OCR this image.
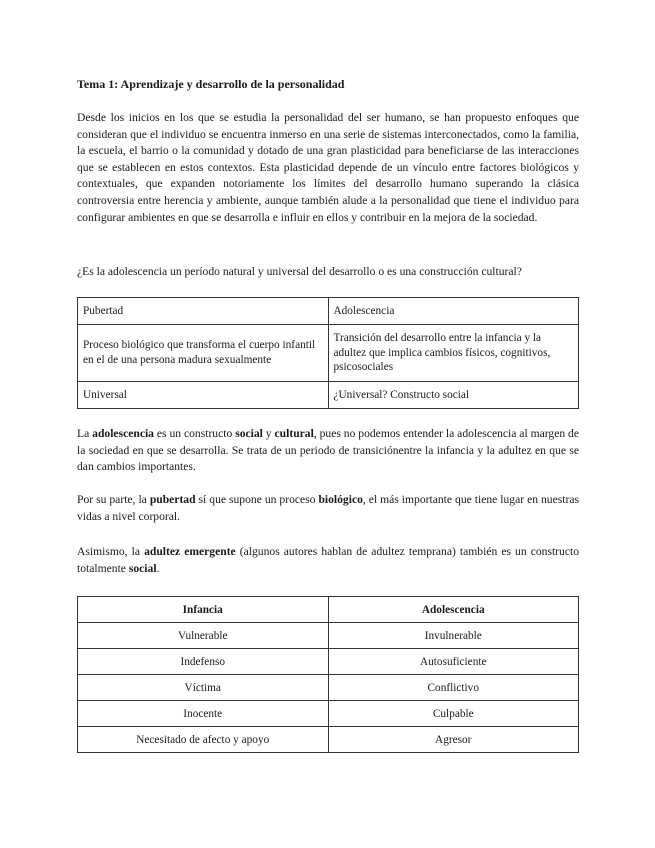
Tema 1: Aprendizaje y desarrollo de la personalidad
Desde los inicios en los que se estudia la personalidad del ser humano, se han propuesto enfoques que consideran que el individuo se encuentra inmerso en una serie de sistemas interconectados, como la familia, la escuela, el barrio o la comunidad y dotado de una gran plasticidad para beneficiarse de las interacciones que se establecen en estos contextos. Esta plasticidad depende de un vínculo entre factores biológicos y contextuales, que expanden notoriamente los límites del desarrollo humano superando la clásica controversia entre herencia y ambiente, aunque también alude a la personalidad que tiene el individuo para configurar ambientes en que se desarrolla e influir en ellos y contribuir en la mejora de la sociedad.
¿Es la adolescencia un período natural y universal del desarrollo o es una construcción cultural?
Pubertad	Adolescencia
Proceso biológico que transforma el cuerpo infantil en el de una persona madura sexualmente	Transición del desarrollo entre la infancia y la adultez que implica cambios físicos, cognitivos, psicosociales
Universal	¿Universal? Constructo social
La adolescencia es un constructo social y cultural, pues no podemos entender la adolescencia al margen de la sociedad en que se desarrolla. Se trata de un periodo de transiciónentre la infancia y la adultez en que se dan cambios importantes.
Por su parte, la pubertad sí que supone un proceso biológico, el más importante que tiene lugar en nuestras vidas a nivel corporal.
Asimismo, la adultez emergente (algunos autores hablan de adultez temprana) también es un constructo totalmente social.
Infancia	Adolescencia
Vulnerable	Invulnerable
Indefenso	Autosuficiente
Víctima	Conflictivo
Inocente	Culpable
Necesitado de afecto y apoyo	Agresor
